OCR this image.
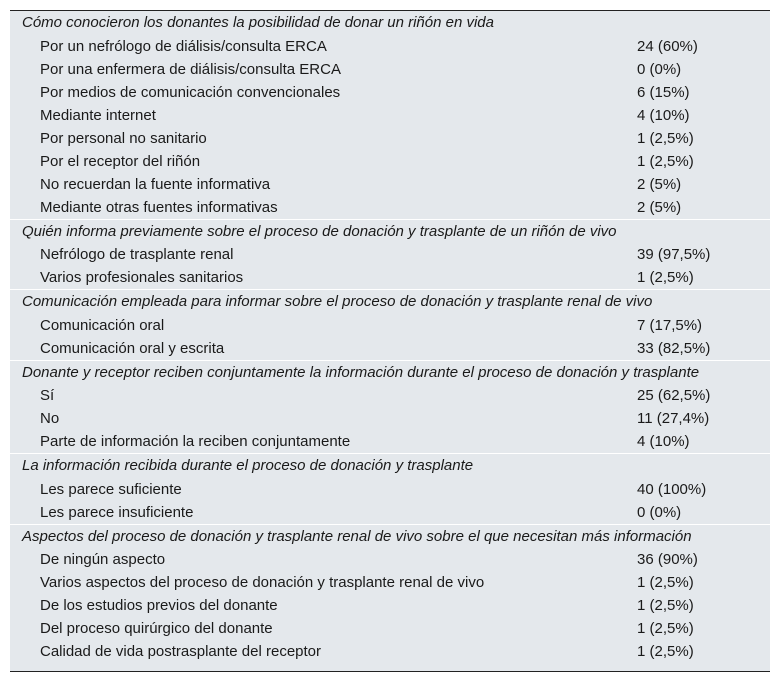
Cómo conocieron los donantes la posibilidad de donar un riñón en vida
Por un nefrólogo de diálisis/consulta ERCA	24 (60%)
Por una enfermera de diálisis/consulta ERCA	0 (0%)
Por medios de comunicación convencionales	6 (15%)
Mediante internet	4 (10%)
Por personal no sanitario	1 (2,5%)
Por el receptor del riñón	1 (2,5%)
No recuerdan la fuente informativa	2 (5%)
Mediante otras fuentes informativas	2 (5%)
Quién informa previamente sobre el proceso de donación y trasplante de un riñón de vivo
Nefrólogo de trasplante renal	39 (97,5%)
Varios profesionales sanitarios	1 (2,5%)
Comunicación empleada para informar sobre el proceso de donación y trasplante renal de vivo
Comunicación oral	7 (17,5%)
Comunicación oral y escrita	33 (82,5%)
Donante y receptor reciben conjuntamente la información durante el proceso de donación y trasplante
Sí	25 (62,5%)
No	11 (27,4%)
Parte de información la reciben conjuntamente	4 (10%)
La información recibida durante el proceso de donación y trasplante
Les parece suficiente	40 (100%)
Les parece insuficiente	0 (0%)
Aspectos del proceso de donación y trasplante renal de vivo sobre el que necesitan más información
De ningún aspecto	36 (90%)
Varios aspectos del proceso de donación y trasplante renal de vivo	1 (2,5%)
De los estudios previos del donante	1 (2,5%)
Del proceso quirúrgico del donante	1 (2,5%)
Calidad de vida postrasplante del receptor	1 (2,5%)
